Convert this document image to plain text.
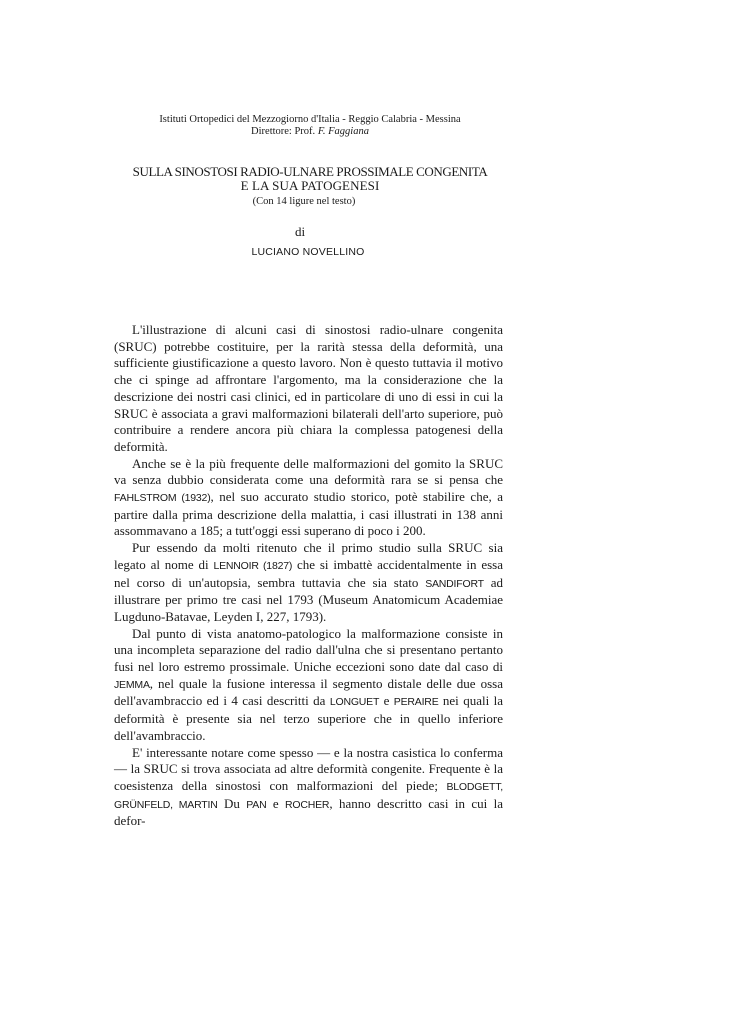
Istituti Ortopedici del Mezzogiorno d'Italia - Reggio Calabria - Messina
Direttore: Prof. F. Faggiana
SULLA SINOSTOSI RADIO-ULNARE PROSSIMALE CONGENITA
E LA SUA PATOGENESI
(Con 14 ligure nel testo)
di
LUCIANO NOVELLINO

L'illustrazione di alcuni casi di sinostosi radio-ulnare congenita (SRUC) potrebbe costituire, per la rarità stessa della deformità, una sufficiente giustificazione a questo lavoro. Non è questo tuttavia il motivo che ci spinge ad affrontare l'argomento, ma la considerazione che la descrizione dei nostri casi clinici, ed in particolare di uno di essi in cui la SRUC è associata a gravi malformazioni bilaterali dell'arto superiore, può contribuire a rendere ancora più chiara la complessa patogenesi della deformità.

Anche se è la più frequente delle malformazioni del gomito la SRUC va senza dubbio considerata come una deformità rara se si pensa che FAHLSTROM (1932), nel suo accurato studio storico, potè stabilire che, a partire dalla prima descrizione della malattia, i casi illustrati in 138 anni assommavano a 185; a tutt'oggi essi superano di poco i 200.

Pur essendo da molti ritenuto che il primo studio sulla SRUC sia legato al nome di LENNOIR (1827) che si imbattè accidentalmente in essa nel corso di un'autopsia, sembra tuttavia che sia stato SANDIFORT ad illustrare per primo tre casi nel 1793 (Museum Anatomicum Academiae Lugduno-Batavae, Leyden I, 227, 1793).

Dal punto di vista anatomo-patologico la malformazione consiste in una incompleta separazione del radio dall'ulna che si presentano pertanto fusi nel loro estremo prossimale. Uniche eccezioni sono date dal caso di JEMMA, nel quale la fusione interessa il segmento distale delle due ossa dell'avambraccio ed i 4 casi descritti da LONGUET e PERAIRE nei quali la deformità è presente sia nel terzo superiore che in quello inferiore dell'avambraccio.

E' interessante notare come spesso — e la nostra casistica lo conferma — la SRUC si trova associata ad altre deformità congenite. Frequente è la coesistenza della sinostosi con malformazioni del piede; BLODGETT, GRÜNFELD, MARTIN Du PAN e ROCHER, hanno descritto casi in cui la defor-
